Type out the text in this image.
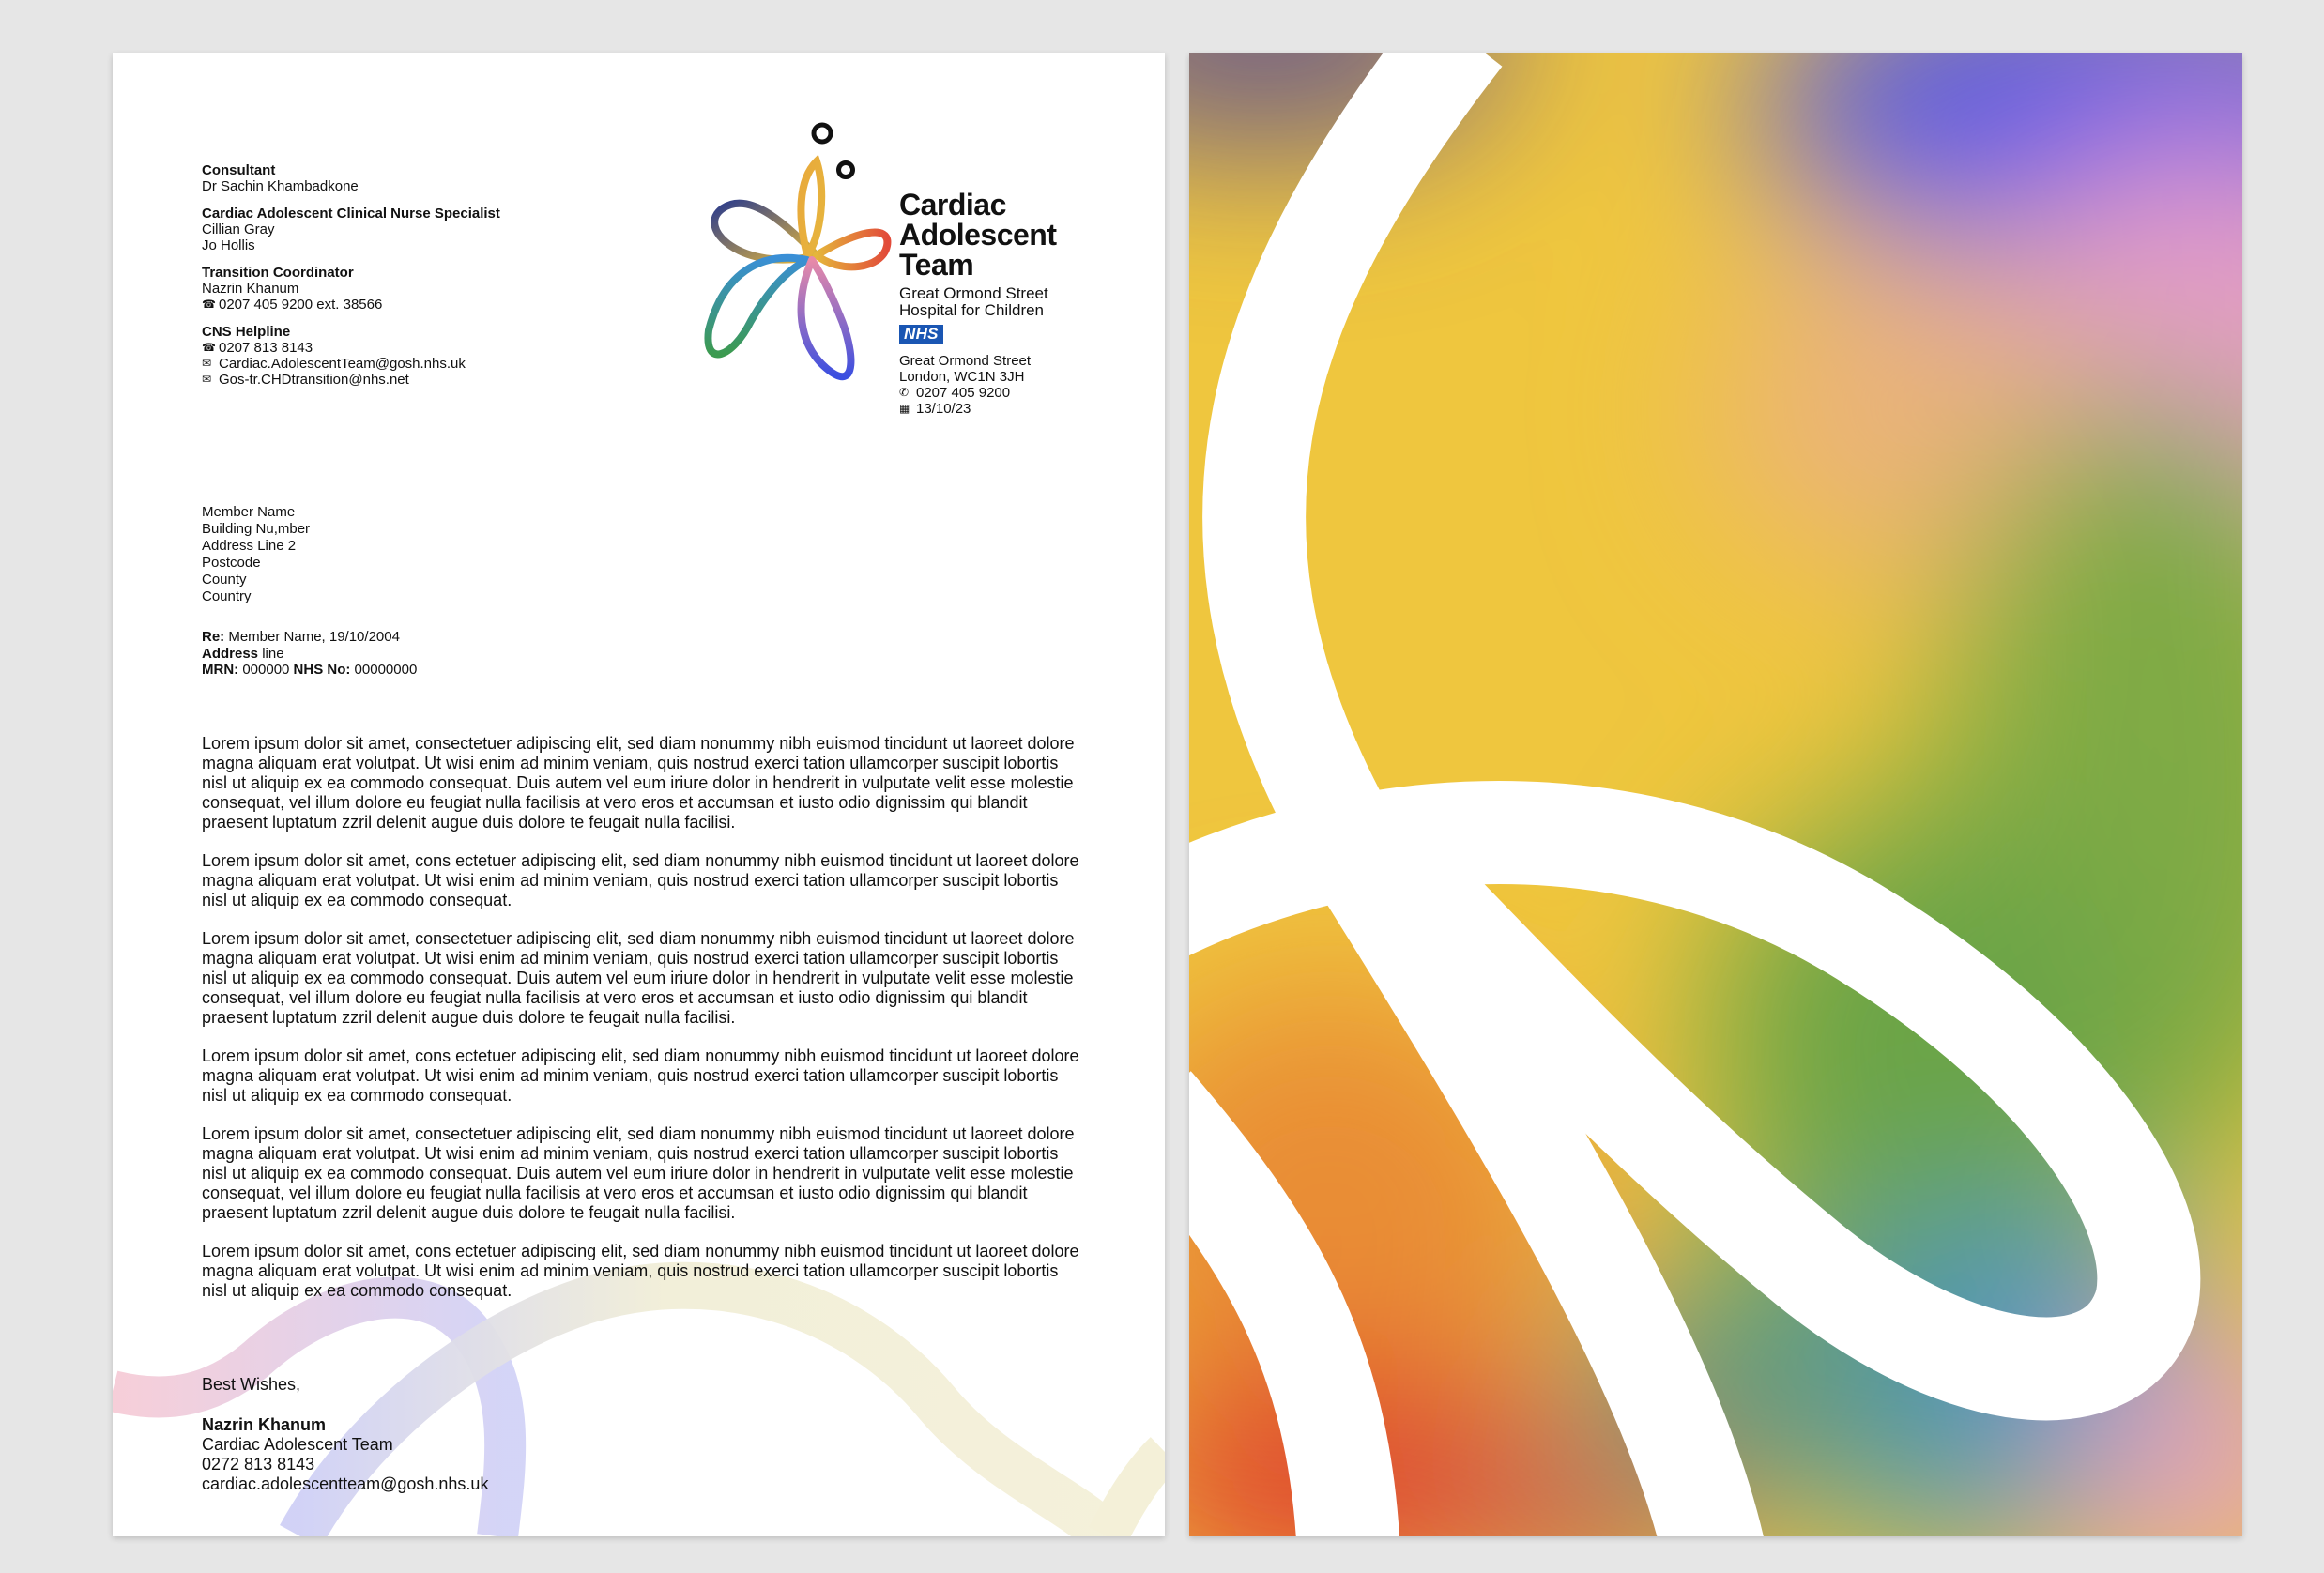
Consultant
Dr Sachin Khambadkone
Cardiac Adolescent Clinical Nurse Specialist
Cillian Gray
Jo Hollis
Transition Coordinator
Nazrin Khanum
☎ 0207 405 9200 ext. 38566
CNS Helpline
☎ 0207 813 8143
✉ Cardiac.AdolescentTeam@gosh.nhs.uk
✉ Gos-tr.CHDtransition@nhs.net
Cardiac
Adolescent
Team
Great Ormond Street
Hospital for Children
NHS
Great Ormond Street
London, WC1N 3JH
✆ 0207 405 9200
▦ 13/10/23
Member Name
Building Nu,mber
Address Line 2
Postcode
County
Country
Re: Member Name, 19/10/2004
Address line
MRN: 000000 NHS No: 00000000

Lorem ipsum dolor sit amet, consectetuer adipiscing elit, sed diam nonummy nibh euismod tincidunt ut laoreet dolore magna aliquam erat volutpat. Ut wisi enim ad minim veniam, quis nostrud exerci tation ullamcorper suscipit lobortis nisl ut aliquip ex ea commodo consequat. Duis autem vel eum iriure dolor in hendrerit in vulputate velit esse molestie consequat, vel illum dolore eu feugiat nulla facilisis at vero eros et accumsan et iusto odio dignissim qui blandit praesent luptatum zzril delenit augue duis dolore te feugait nulla facilisi.

Lorem ipsum dolor sit amet, cons ectetuer adipiscing elit, sed diam nonummy nibh euismod tincidunt ut laoreet dolore magna aliquam erat volutpat. Ut wisi enim ad minim veniam, quis nostrud exerci tation ullamcorper suscipit lobortis nisl ut aliquip ex ea commodo consequat.

Lorem ipsum dolor sit amet, consectetuer adipiscing elit, sed diam nonummy nibh euismod tincidunt ut laoreet dolore magna aliquam erat volutpat. Ut wisi enim ad minim veniam, quis nostrud exerci tation ullamcorper suscipit lobortis nisl ut aliquip ex ea commodo consequat. Duis autem vel eum iriure dolor in hendrerit in vulputate velit esse molestie consequat, vel illum dolore eu feugiat nulla facilisis at vero eros et accumsan et iusto odio dignissim qui blandit praesent luptatum zzril delenit augue duis dolore te feugait nulla facilisi.

Lorem ipsum dolor sit amet, cons ectetuer adipiscing elit, sed diam nonummy nibh euismod tincidunt ut laoreet dolore magna aliquam erat volutpat. Ut wisi enim ad minim veniam, quis nostrud exerci tation ullamcorper suscipit lobortis nisl ut aliquip ex ea commodo consequat.

Lorem ipsum dolor sit amet, consectetuer adipiscing elit, sed diam nonummy nibh euismod tincidunt ut laoreet dolore magna aliquam erat volutpat. Ut wisi enim ad minim veniam, quis nostrud exerci tation ullamcorper suscipit lobortis nisl ut aliquip ex ea commodo consequat. Duis autem vel eum iriure dolor in hendrerit in vulputate velit esse molestie consequat, vel illum dolore eu feugiat nulla facilisis at vero eros et accumsan et iusto odio dignissim qui blandit praesent luptatum zzril delenit augue duis dolore te feugait nulla facilisi.

Lorem ipsum dolor sit amet, cons ectetuer adipiscing elit, sed diam nonummy nibh euismod tincidunt ut laoreet dolore magna aliquam erat volutpat. Ut wisi enim ad minim veniam, quis nostrud exerci tation ullamcorper suscipit lobortis nisl ut aliquip ex ea commodo consequat.

Best Wishes,
Nazrin Khanum
Cardiac Adolescent Team
0272 813 8143
cardiac.adolescentteam@gosh.nhs.uk
